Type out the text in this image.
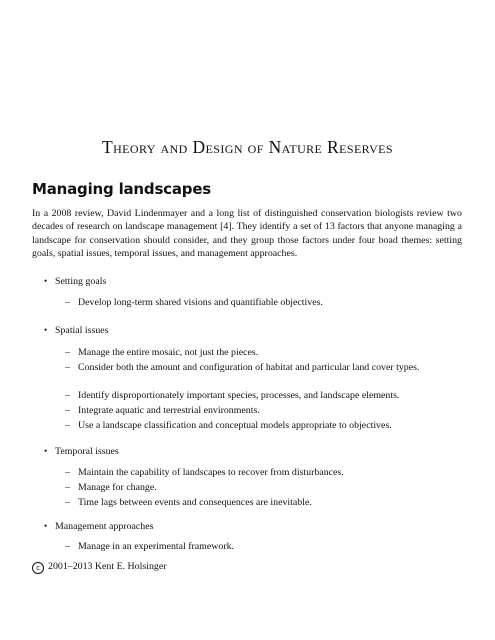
Theory and Design of Nature Reserves
Managing landscapes

In a 2008 review, David Lindenmayer and a long list of distinguished conservation biologists review two decades of research on landscape management [4]. They identify a set of 13 factors that anyone managing a landscape for conservation should consider, and they group those factors under four boad themes: setting goals, spatial issues, temporal issues, and management approaches.

• Setting goals

– Develop long-term shared visions and quantifiable objectives.

• Spatial issues

– Manage the entire mosaic, not just the pieces.

– Consider both the amount and configuration of habitat and particular land cover types.

– Identify disproportionately important species, processes, and landscape elements.

– Integrate aquatic and terrestrial environments.

– Use a landscape classification and conceptual models appropriate to objectives.

• Temporal issues

– Maintain the capability of landscapes to recover from disturbances.

– Manage for change.

– Time lags between events and consequences are inevitable.

• Management approaches

– Manage in an experimental framework.

c 2001–2013 Kent E. Holsinger
